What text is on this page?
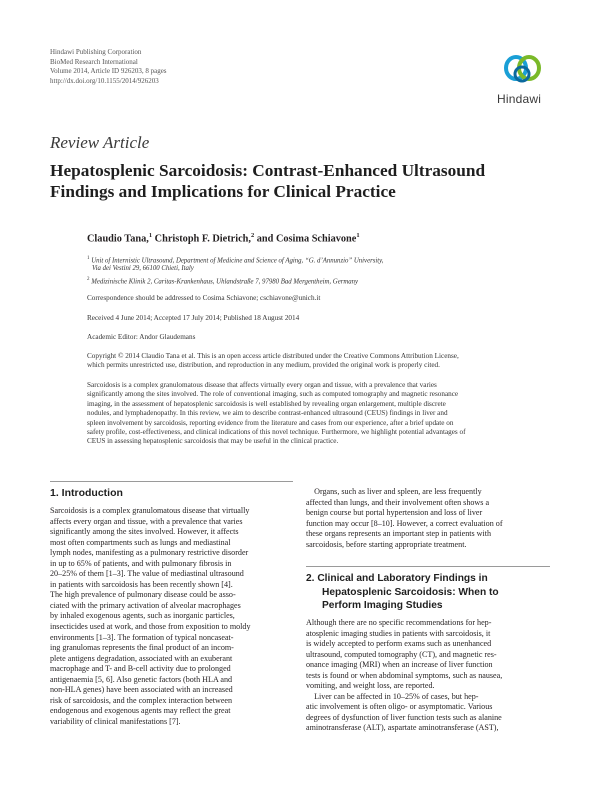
Hindawi Publishing Corporation
BioMed Research International
Volume 2014, Article ID 926203, 8 pages
http://dx.doi.org/10.1155/2014/926203
Hindawi
Review Article
Hepatosplenic Sarcoidosis: Contrast-Enhanced Ultrasound
Findings and Implications for Clinical Practice
Claudio Tana,$^1$ Christoph F. Dietrich,$^2$ and Cosima Schiavone$^1$
$^1$ Unit of Internistic Ultrasound, Department of Medicine and Science of Aging, “G. d’Annunzio” University,
Via dei Vestini 29, 66100 Chieti, Italy
$^2$ Medizinische Klinik 2, Caritas-Krankenhaus, Uhlandstraße 7, 97980 Bad Mergentheim, Germany
Correspondence should be addressed to Cosima Schiavone; cschiavone@unich.it
Received 4 June 2014; Accepted 17 July 2014; Published 18 August 2014
Academic Editor: Andor Glaudemans
Copyright © 2014 Claudio Tana et al. This is an open access article distributed under the Creative Commons Attribution License,
which permits unrestricted use, distribution, and reproduction in any medium, provided the original work is properly cited.
Sarcoidosis is a complex granulomatous disease that affects virtually every organ and tissue, with a prevalence that varies
significantly among the sites involved. The role of conventional imaging, such as computed tomography and magnetic resonance
imaging, in the assessment of hepatosplenic sarcoidosis is well established by revealing organ enlargement, multiple discrete
nodules, and lymphadenopathy. In this review, we aim to describe contrast-enhanced ultrasound (CEUS) findings in liver and
spleen involvement by sarcoidosis, reporting evidence from the literature and cases from our experience, after a brief update on
safety profile, cost-effectiveness, and clinical indications of this novel technique. Furthermore, we highlight potential advantages of
CEUS in assessing hepatosplenic sarcoidosis that may be useful in the clinical practice.
1. Introduction
Sarcoidosis is a complex granulomatous disease that virtually
affects every organ and tissue, with a prevalence that varies
significantly among the sites involved. However, it affects
most often compartments such as lungs and mediastinal
lymph nodes, manifesting as a pulmonary restrictive disorder
in up to 65% of patients, and with pulmonary fibrosis in
20–25% of them [1–3]. The value of mediastinal ultrasound
in patients with sarcoidosis has been recently shown [4].
The high prevalence of pulmonary disease could be asso-
ciated with the primary activation of alveolar macrophages
by inhaled exogenous agents, such as inorganic particles,
insecticides used at work, and those from exposition to moldy
environments [1–3]. The formation of typical noncaseat-
ing granulomas represents the final product of an incom-
plete antigens degradation, associated with an exuberant
macrophage and T- and B-cell activity due to prolonged
antigenaemia [5, 6]. Also genetic factors (both HLA and
non-HLA genes) have been associated with an increased
risk of sarcoidosis, and the complex interaction between
endogenous and exogenous agents may reflect the great
variability of clinical manifestations [7].
 Organs, such as liver and spleen, are less frequently
affected than lungs, and their involvement often shows a
benign course but portal hypertension and loss of liver
function may occur [8–10]. However, a correct evaluation of
these organs represents an important step in patients with
sarcoidosis, before starting appropriate treatment.
2. Clinical and Laboratory Findings in
Hepatosplenic Sarcoidosis: When to
Perform Imaging Studies
Although there are no specific recommendations for hep-
atosplenic imaging studies in patients with sarcoidosis, it
is widely accepted to perform exams such as unenhanced
ultrasound, computed tomography (CT), and magnetic res-
onance imaging (MRI) when an increase of liver function
tests is found or when abdominal symptoms, such as nausea,
vomiting, and weight loss, are reported.
 Liver can be affected in 10–25% of cases, but hep-
atic involvement is often oligo- or asymptomatic. Various
degrees of dysfunction of liver function tests such as alanine
aminotransferase (ALT), aspartate aminotransferase (AST),
